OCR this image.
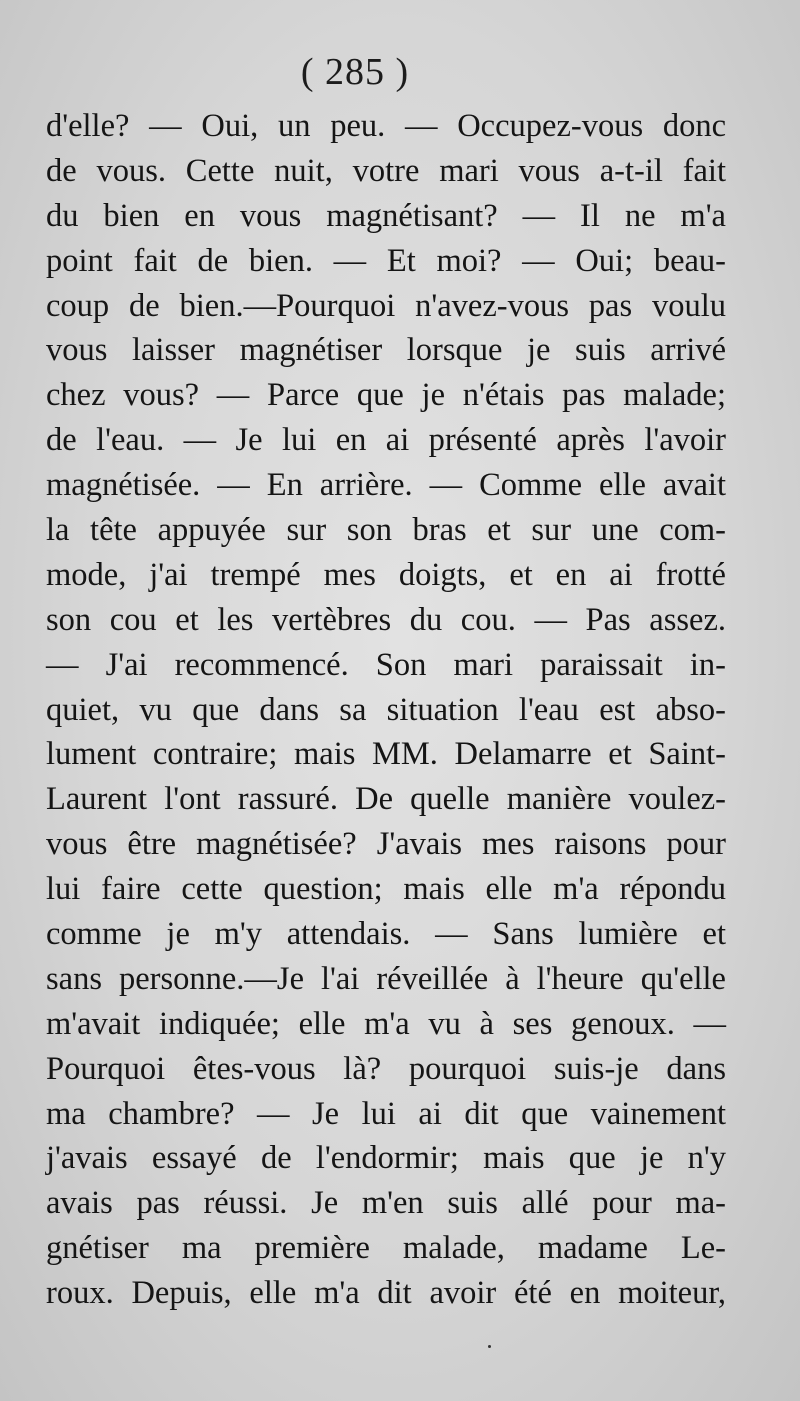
( 285 )
d'elle? — Oui, un peu. — Occupez-vous donc
de vous. Cette nuit, votre mari vous a-t-il fait
du bien en vous magnétisant? — Il ne m'a
point fait de bien. — Et moi? — Oui; beau-
coup de bien.—Pourquoi n'avez-vous pas voulu
vous laisser magnétiser lorsque je suis arrivé
chez vous? — Parce que je n'étais pas malade;
de l'eau. — Je lui en ai présenté après l'avoir
magnétisée. — En arrière. — Comme elle avait
la tête appuyée sur son bras et sur une com-
mode, j'ai trempé mes doigts, et en ai frotté
son cou et les vertèbres du cou. — Pas assez.
— J'ai recommencé. Son mari paraissait in-
quiet, vu que dans sa situation l'eau est abso-
lument contraire; mais MM. Delamarre et Saint-
Laurent l'ont rassuré. De quelle manière voulez-
vous être magnétisée? J'avais mes raisons pour
lui faire cette question; mais elle m'a répondu
comme je m'y attendais. — Sans lumière et
sans personne.—Je l'ai réveillée à l'heure qu'elle
m'avait indiquée; elle m'a vu à ses genoux. —
Pourquoi êtes-vous là? pourquoi suis-je dans
ma chambre? — Je lui ai dit que vainement
j'avais essayé de l'endormir; mais que je n'y
avais pas réussi. Je m'en suis allé pour ma-
gnétiser ma première malade, madame Le-
roux. Depuis, elle m'a dit avoir été en moiteur,
